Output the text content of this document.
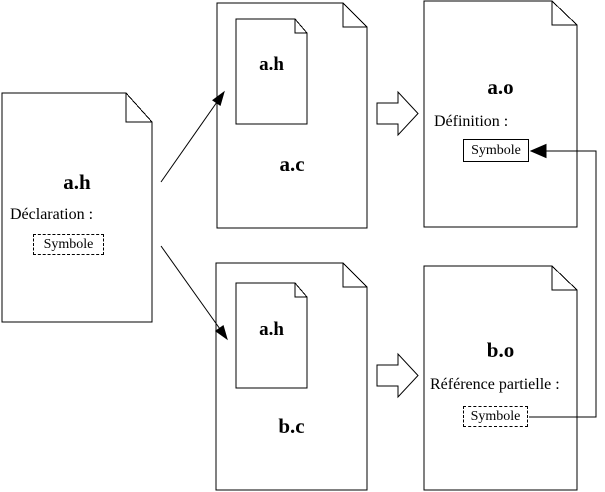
a.h
Déclaration :
Symbole
a.h
a.c
a.h
b.c
a.o
Définition :
Symbole
b.o
Référence partielle :
Symbole
